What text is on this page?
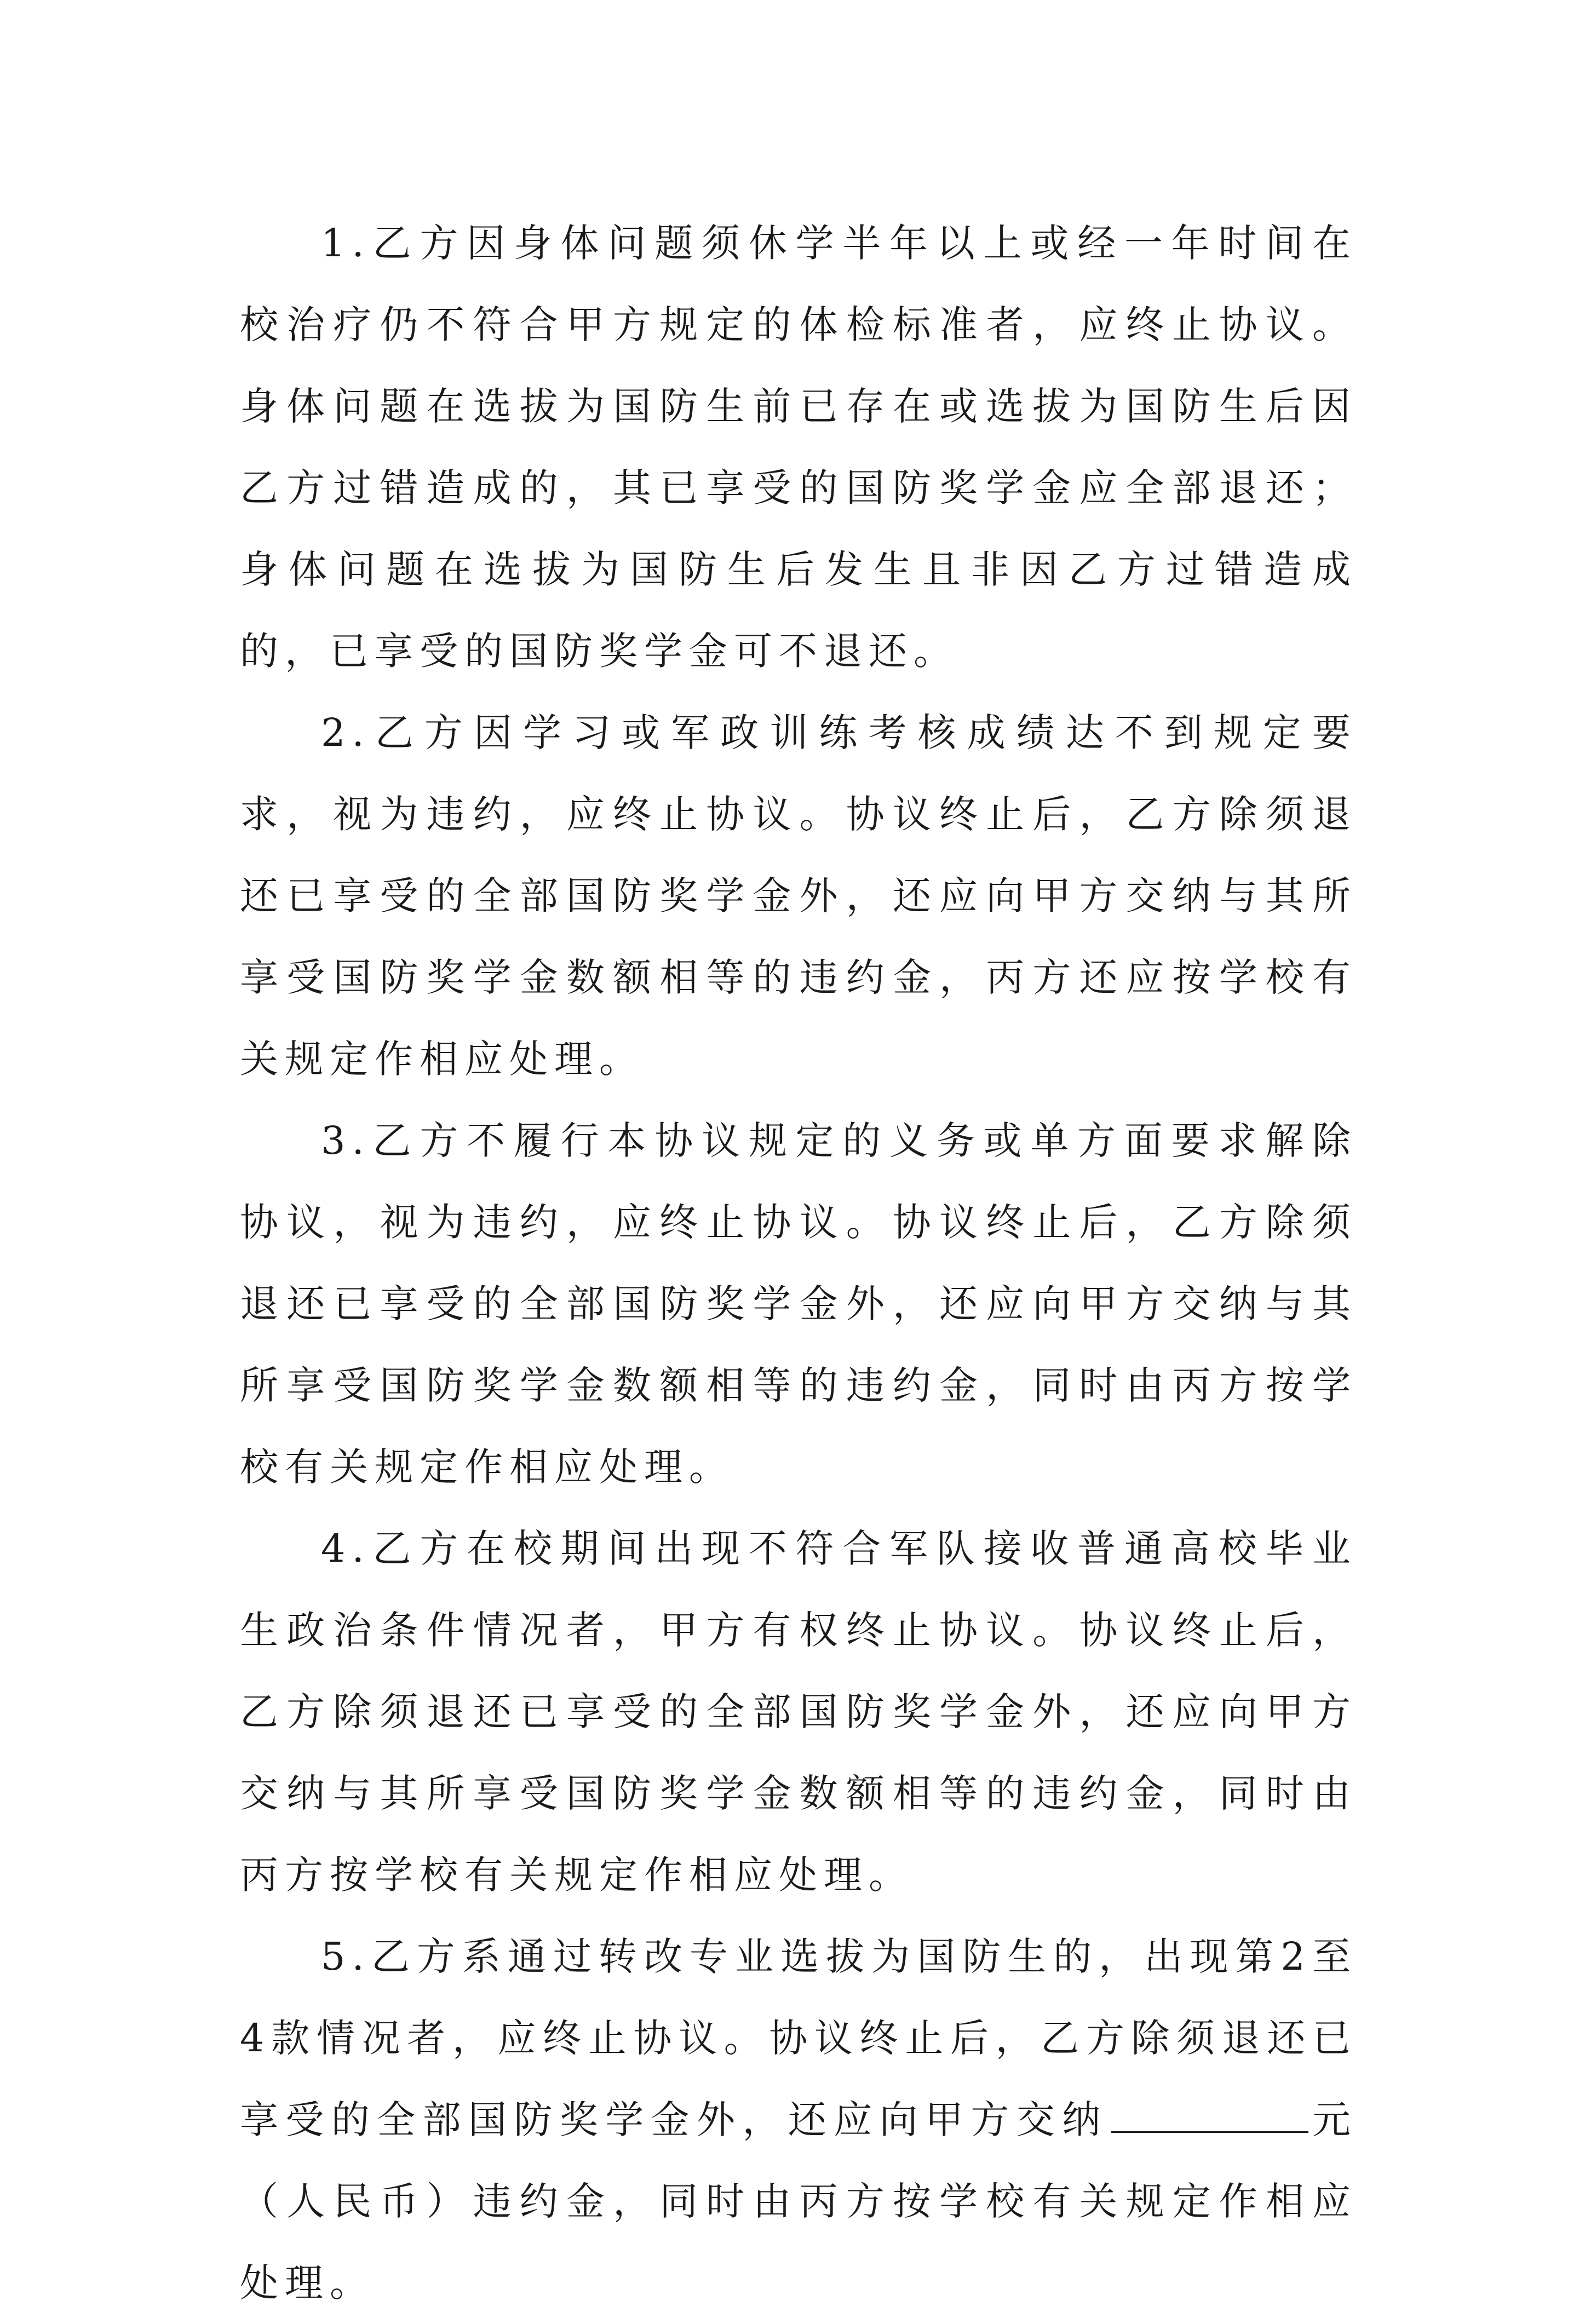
1.乙方因身体问题须休学半年以上或经一年时间在校治疗仍不符合甲方规定的体检标准者，应终止协议。身体问题在选拔为国防生前已存在或选拔为国防生后因乙方过错造成的，其已享受的国防奖学金应全部退还；身体问题在选拔为国防生后发生且非因乙方过错造成的，已享受的国防奖学金可不退还。

2.乙方因学习或军政训练考核成绩达不到规定要求，视为违约，应终止协议。协议终止后，乙方除须退还已享受的全部国防奖学金外，还应向甲方交纳与其所享受国防奖学金数额相等的违约金，丙方还应按学校有关规定作相应处理。

3.乙方不履行本协议规定的义务或单方面要求解除协议，视为违约，应终止协议。协议终止后，乙方除须退还已享受的全部国防奖学金外，还应向甲方交纳与其所享受国防奖学金数额相等的违约金，同时由丙方按学校有关规定作相应处理。

4.乙方在校期间出现不符合军队接收普通高校毕业生政治条件情况者，甲方有权终止协议。协议终止后，乙方除须退还已享受的全部国防奖学金外，还应向甲方交纳与其所享受国防奖学金数额相等的违约金，同时由丙方按学校有关规定作相应处理。

5.乙方系通过转改专业选拔为国防生的，出现第2至4款情况者，应终止协议。协议终止后，乙方除须退还已享受的全部国防奖学金外，还应向甲方交纳	元（人民币）违约金，同时由丙方按学校有关规定作相应处理。
